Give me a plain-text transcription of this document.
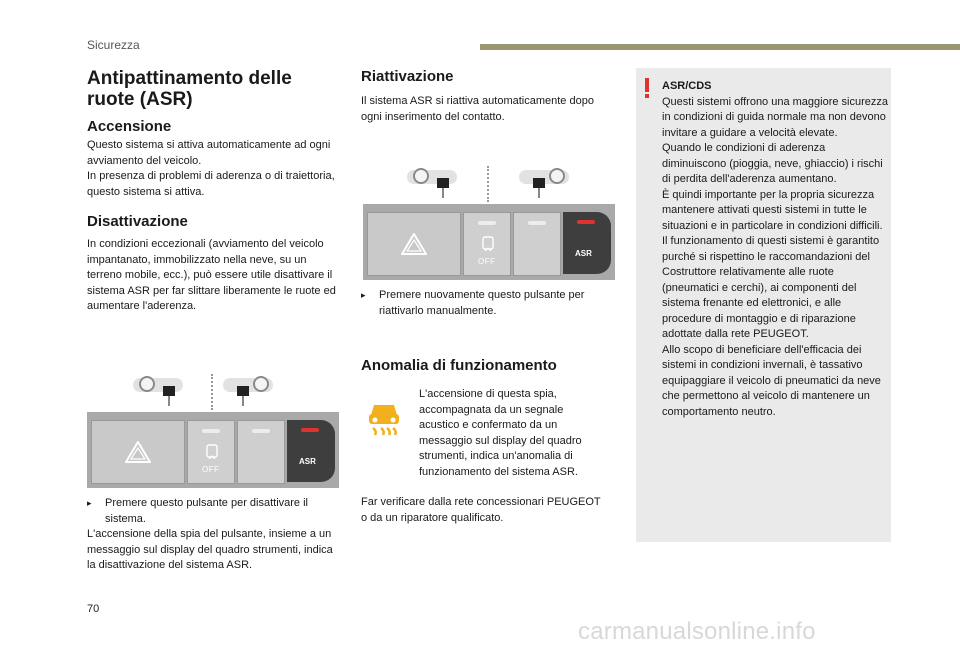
Sicurezza
Antipattinamento delle ruote (ASR)
Accensione

Questo sistema si attiva automaticamente ad ogni avviamento del veicolo.
In presenza di problemi di aderenza o di traiettoria, questo sistema si attiva.

Disattivazione

In condizioni eccezionali (avviamento del veicolo impantanato, immobilizzato nella neve, su un terreno mobile, ecc.), può essere utile disattivare il sistema ASR per far slittare liberamente le ruote ed aumentare l'aderenza.

OFF
ASR
▸	Premere questo pulsante per disattivare il sistema.

L'accensione della spia del pulsante, insieme a un messaggio sul display del quadro strumenti, indica la disattivazione del sistema ASR.

Riattivazione

Il sistema ASR si riattiva automaticamente dopo ogni inserimento del contatto.

OFF
ASR
▸	Premere nuovamente questo pulsante per riattivarlo manualmente.
Anomalia di funzionamento

L'accensione di questa spia, accompagnata da un segnale acustico e confermato da un messaggio sul display del quadro strumenti, indica un'anomalia di funzionamento del sistema ASR.

Far verificare dalla rete concessionari PEUGEOT o da un riparatore qualificato.

ASR/CDS
Questi sistemi offrono una maggiore sicurezza in condizioni di guida normale ma non devono invitare a guidare a velocità elevate.
Quando le condizioni di aderenza diminuiscono (pioggia, neve, ghiaccio) i rischi di perdita dell'aderenza aumentano.
È quindi importante per la propria sicurezza mantenere attivati questi sistemi in tutte le situazioni e in particolare in condizioni difficili.
Il funzionamento di questi sistemi è garantito purché si rispettino le raccomandazioni del Costruttore relativamente alle ruote (pneumatici e cerchi), ai componenti del sistema frenante ed elettronici, e alle procedure di montaggio e di riparazione adottate dalla rete PEUGEOT.
Allo scopo di beneficiare dell'efficacia dei sistemi in condizioni invernali, è tassativo equipaggiare il veicolo di pneumatici da neve che permettono al veicolo di mantenere un comportamento neutro.
70
carmanualsonline.info
